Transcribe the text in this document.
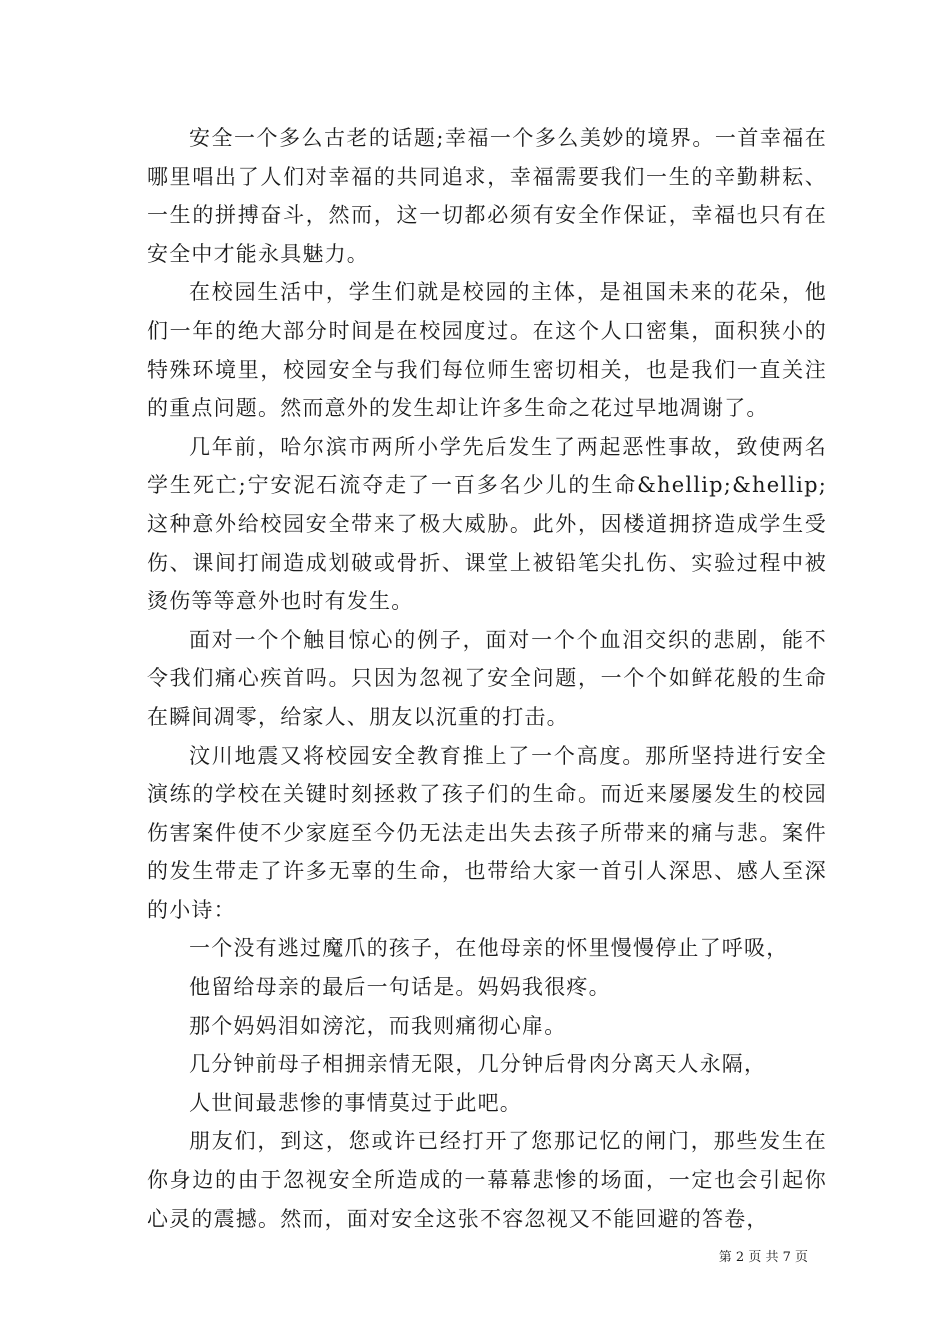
安全一个多么古老的话题;幸福一个多么美妙的境界。一首幸福在哪里唱出了人们对幸福的共同追求，幸福需要我们一生的辛勤耕耘、一生的拼搏奋斗，然而，这一切都必须有安全作保证，幸福也只有在安全中才能永具魅力。

在校园生活中，学生们就是校园的主体，是祖国未来的花朵，他们一年的绝大部分时间是在校园度过。在这个人口密集，面积狭小的特殊环境里，校园安全与我们每位师生密切相关，也是我们一直关注的重点问题。然而意外的发生却让许多生命之花过早地凋谢了。

几年前，哈尔滨市两所小学先后发生了两起恶性事故，致使两名学生死亡;宁安泥石流夺走了一百多名少儿的生命&hellip;&hellip;这种意外给校园安全带来了极大威胁。此外，因楼道拥挤造成学生受伤、课间打闹造成划破或骨折、课堂上被铅笔尖扎伤、实验过程中被烫伤等等意外也时有发生。

面对一个个触目惊心的例子，面对一个个血泪交织的悲剧，能不令我们痛心疾首吗。只因为忽视了安全问题，一个个如鲜花般的生命在瞬间凋零，给家人、朋友以沉重的打击。

汶川地震又将校园安全教育推上了一个高度。那所坚持进行安全演练的学校在关键时刻拯救了孩子们的生命。而近来屡屡发生的校园伤害案件使不少家庭至今仍无法走出失去孩子所带来的痛与悲。案件的发生带走了许多无辜的生命，也带给大家一首引人深思、感人至深的小诗：

一个没有逃过魔爪的孩子，在他母亲的怀里慢慢停止了呼吸，

他留给母亲的最后一句话是。妈妈我很疼。

那个妈妈泪如滂沱，而我则痛彻心扉。

几分钟前母子相拥亲情无限，几分钟后骨肉分离天人永隔，

人世间最悲惨的事情莫过于此吧。

朋友们，到这，您或许已经打开了您那记忆的闸门，那些发生在你身边的由于忽视安全所造成的一幕幕悲惨的场面，一定也会引起你心灵的震撼。然而，面对安全这张不容忽视又不能回避的答卷，

第 2 页 共 7 页
